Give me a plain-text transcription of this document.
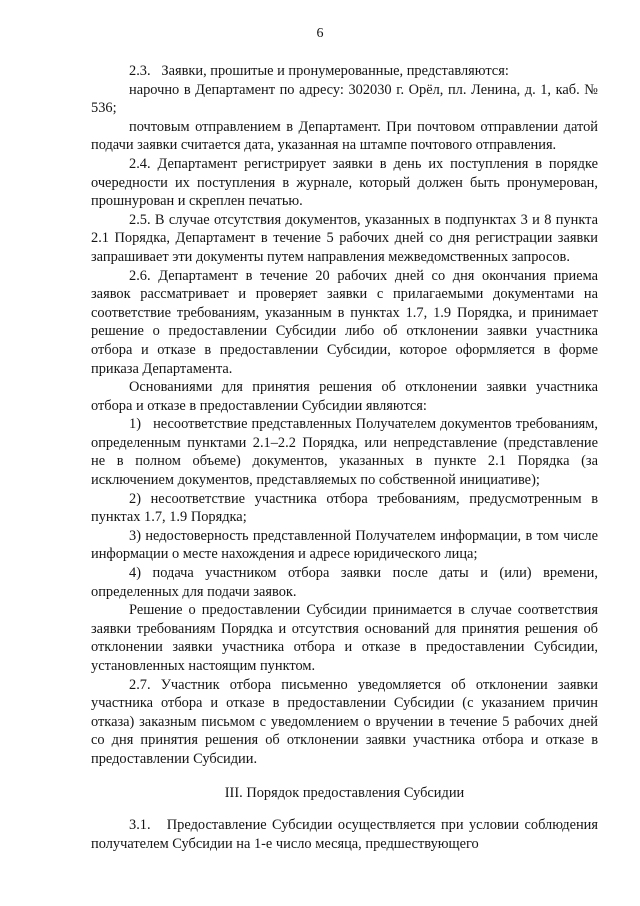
6

2.3.   Заявки, прошитые и пронумерованные, представляются:

нарочно в Департамент по адресу: 302030 г. Орёл, пл. Ленина, д. 1, каб. № 536;

почтовым отправлением в Департамент. При почтовом отправлении датой подачи заявки считается дата, указанная на штампе почтового отправления.

2.4. Департамент регистрирует заявки в день их поступления в порядке очередности их поступления в журнале, который должен быть пронумерован, прошнурован и скреплен печатью.

2.5. В случае отсутствия документов, указанных в подпунктах 3 и 8 пункта 2.1 Порядка, Департамент в течение 5 рабочих дней со дня регистрации заявки запрашивает эти документы путем направления межведомственных запросов.

2.6. Департамент в течение 20 рабочих дней со дня окончания приема заявок рассматривает и проверяет заявки с прилагаемыми документами на соответствие требованиям, указанным в пунктах 1.7, 1.9 Порядка, и принимает решение о предоставлении Субсидии либо об отклонении заявки участника отбора и отказе в предоставлении Субсидии, которое оформляется в форме приказа Департамента.

Основаниями для принятия решения об отклонении заявки участника отбора и отказе в предоставлении Субсидии являются:

1)   несоответствие представленных Получателем документов требованиям, определенным пунктами 2.1–2.2 Порядка, или непредставление (представление не в полном объеме) документов, указанных в пункте 2.1 Порядка (за исключением документов, представляемых по собственной инициативе);

2) несоответствие участника отбора требованиям, предусмотренным в пунктах 1.7, 1.9 Порядка;

3) недостоверность представленной Получателем информации, в том числе информации о месте нахождения и адресе юридического лица;

4) подача участником отбора заявки после даты и (или) времени, определенных для подачи заявок.

Решение о предоставлении Субсидии принимается в случае соответствия заявки требованиям Порядка и отсутствия оснований для принятия решения об отклонении заявки участника отбора и отказе в предоставлении Субсидии, установленных настоящим пунктом.

2.7. Участник отбора письменно уведомляется об отклонении заявки участника отбора и отказе в предоставлении Субсидии (с указанием причин отказа) заказным письмом с уведомлением о вручении в течение 5 рабочих дней со дня принятия решения об отклонении заявки участника отбора и отказе в предоставлении Субсидии.

III. Порядок предоставления Субсидии

3.1.   Предоставление Субсидии осуществляется при условии соблюдения получателем Субсидии на 1-е число месяца, предшествующего
